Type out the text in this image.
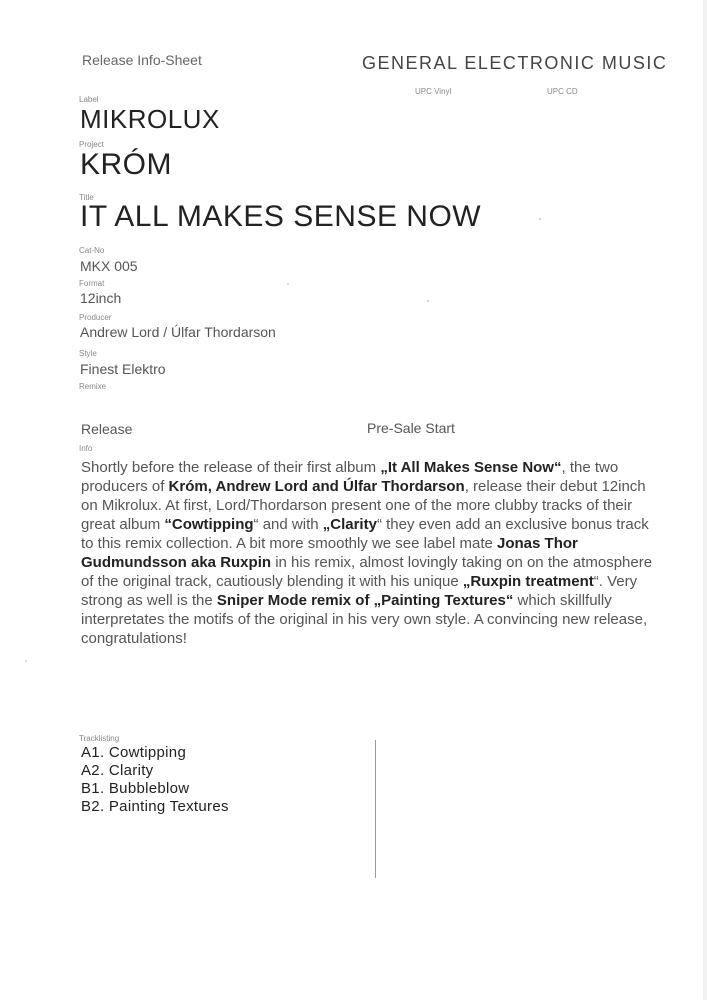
Release Info-Sheet	GENERAL ELECTRONIC MUSIC
UPC Vinyl	UPC CD
Label
MIKROLUX
Project
KRÓM
Title
IT ALL MAKES SENSE NOW
Cat-No
MKX 005
Format
12inch
Producer
Andrew Lord / Úlfar Thordarson
Style
Finest Elektro
Remixe
Release	Pre-Sale Start
Info
Shortly before the release of their first album „It All Makes Sense Now“, the two producers of Króm, Andrew Lord and Úlfar Thordarson, release their debut 12inch on Mikrolux. At first, Lord/Thordarson present one of the more clubby tracks of their great album “Cowtipping“ and with „Clarity“ they even add an exclusive bonus track to this remix collection. A bit more smoothly we see label mate Jonas Thor Gudmundsson aka Ruxpin in his remix, almost lovingly taking on on the atmosphere of the original track, cautiously blending it with his unique „Ruxpin treatment“. Very strong as well is the Sniper Mode remix of „Painting Textures“ which skillfully interpretates the motifs of the original in his very own style. A convincing new release, congratulations!
Tracklisting
A1. Cowtipping
A2. Clarity
B1. Bubbleblow
B2. Painting Textures
